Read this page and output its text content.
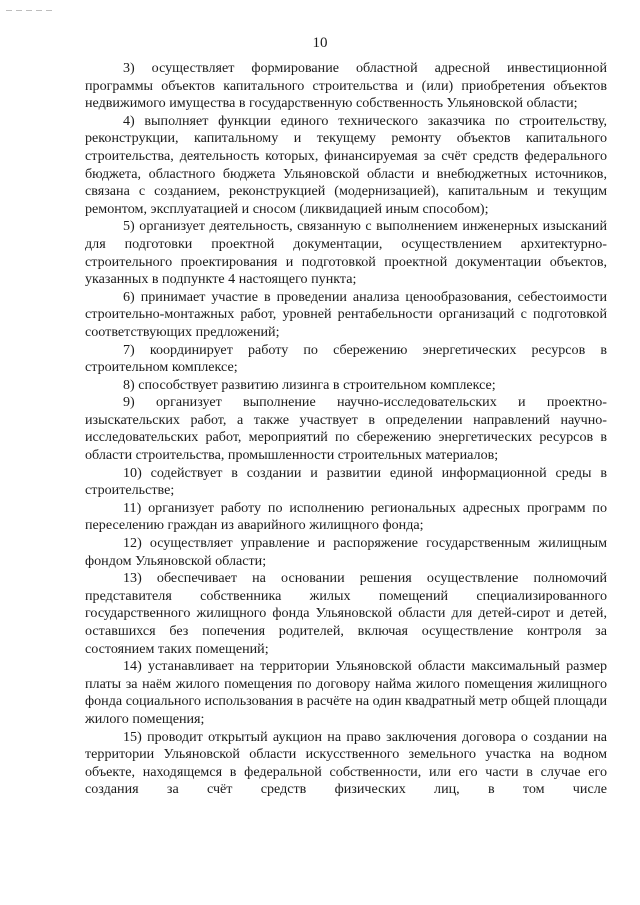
10

3) осуществляет формирование областной адресной инвестиционной программы объектов капитального строительства и (или) приобретения объектов недвижимого имущества в государственную собственность Ульяновской области;

4) выполняет функции единого технического заказчика по строительству, реконструкции, капитальному и текущему ремонту объектов капитального строительства, деятельность которых, финансируемая за счёт средств федерального бюджета, областного бюджета Ульяновской области и внебюджетных источников, связана с созданием, реконструкцией (модернизацией), капитальным и текущим ремонтом, эксплуатацией и сносом (ликвидацией иным способом);

5) организует деятельность, связанную с выполнением инженерных изысканий для подготовки проектной документации, осуществлением архитектурно-строительного проектирования и подготовкой проектной документации объектов, указанных в подпункте 4 настоящего пункта;

6) принимает участие в проведении анализа ценообразования, себестоимости строительно-монтажных работ, уровней рентабельности организаций с подготовкой соответствующих предложений;

7) координирует работу по сбережению энергетических ресурсов в строительном комплексе;

8) способствует развитию лизинга в строительном комплексе;

9) организует выполнение научно-исследовательских и проектно-изыскательских работ, а также участвует в определении направлений научно-исследовательских работ, мероприятий по сбережению энергетических ресурсов в области строительства, промышленности строительных материалов;

10) содействует в создании и развитии единой информационной среды в строительстве;

11) организует работу по исполнению региональных адресных программ по переселению граждан из аварийного жилищного фонда;

12) осуществляет управление и распоряжение государственным жилищным фондом Ульяновской области;

13) обеспечивает на основании решения осуществление полномочий представителя собственника жилых помещений специализированного государственного жилищного фонда Ульяновской области для детей-сирот и детей, оставшихся без попечения родителей, включая осуществление контроля за состоянием таких помещений;

14) устанавливает на территории Ульяновской области максимальный размер платы за наём жилого помещения по договору найма жилого помещения жилищного фонда социального использования в расчёте на один квадратный метр общей площади жилого помещения;

15) проводит открытый аукцион на право заключения договора о создании на территории Ульяновской области искусственного земельного участка на водном объекте, находящемся в федеральной собственности, или его части в случае его создания за счёт средств физических лиц, в том числе
